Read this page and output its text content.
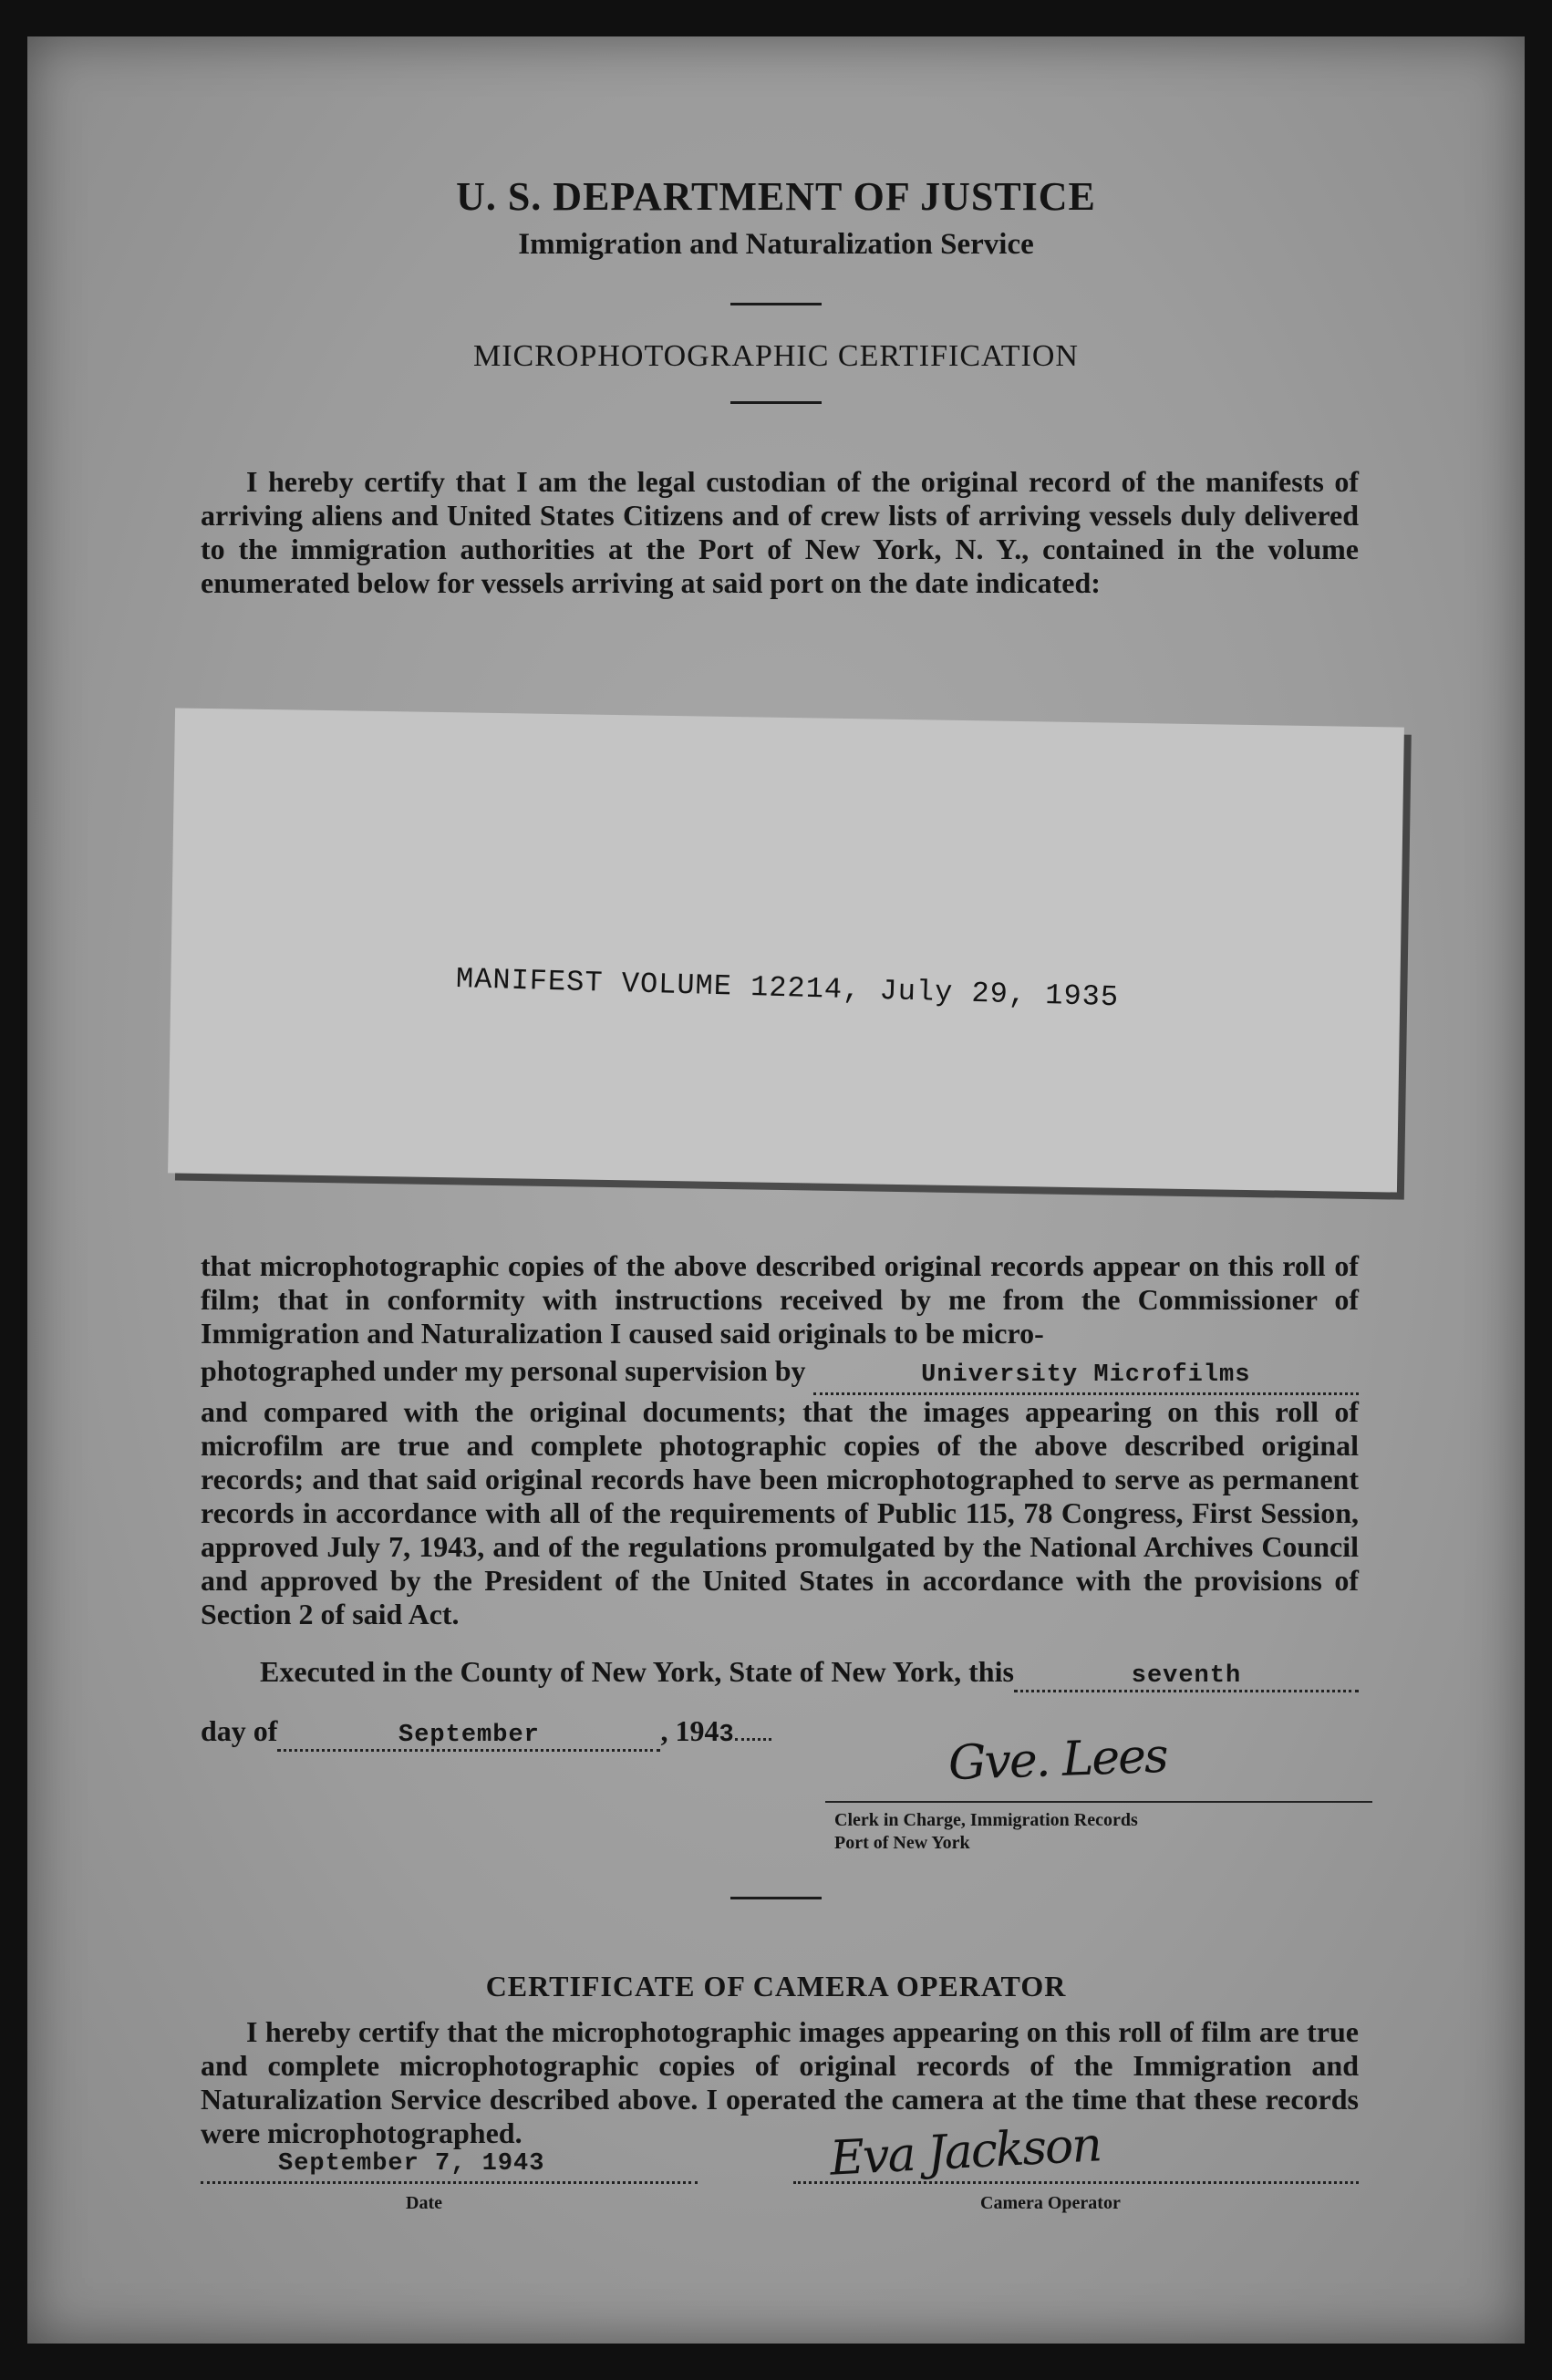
U. S. DEPARTMENT OF JUSTICE
Immigration and Naturalization Service
MICROPHOTOGRAPHIC CERTIFICATION
I hereby certify that I am the legal custodian of the original record of the manifests of arriving aliens and United States Citizens and of crew lists of arriving vessels duly delivered to the immigration authorities at the Port of New York, N. Y., contained in the volume enumerated below for vessels arriving at said port on the date indicated:
MANIFEST VOLUME 12214, July 29, 1935
that microphotographic copies of the above described original records appear on this roll of film; that in conformity with instructions received by me from the Commissioner of Immigration and Naturalization I caused said originals to be micro-
photographed under my personal supervision by	University Microfilms
and compared with the original documents; that the images appearing on this roll of microfilm are true and complete photographic copies of the above described original records; and that said original records have been microphotographed to serve as permanent records in accordance with all of the requirements of Public 115, 78 Congress, First Session, approved July 7, 1943, and of the regulations promulgated by the National Archives Council and approved by the President of the United States in accordance with the provisions of Section 2 of said Act.
Executed in the County of New York, State of New York, this	seventh
day of	September	, 194 3	Gve. Lees
Clerk in Charge, Immigration Records
Port of New York
CERTIFICATE OF CAMERA OPERATOR
I hereby certify that the microphotographic images appearing on this roll of film are true and complete microphotographic copies of original records of the Immigration and Naturalization Service described above. I operated the camera at the time that these records were microphotographed.
September 7, 1943
Date
Eva Jackson
Camera Operator
